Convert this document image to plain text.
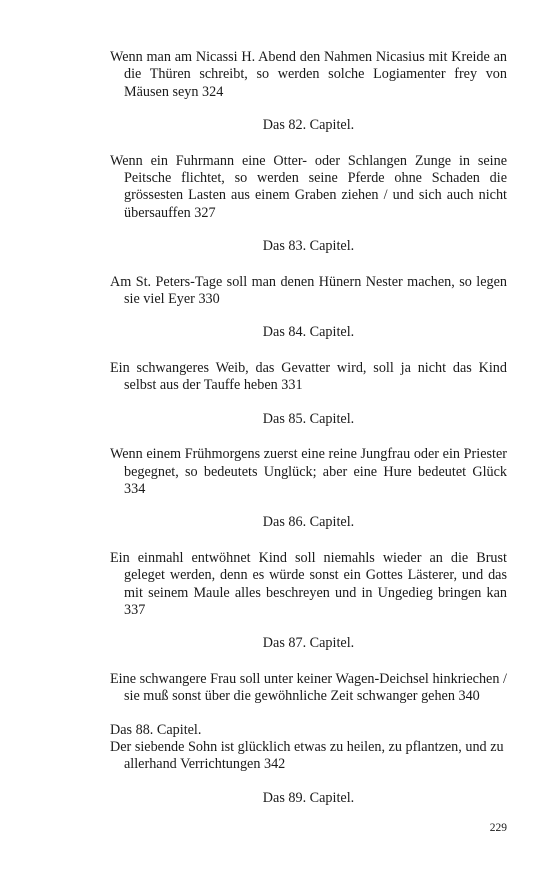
Wenn man am Nicassi H. Abend den Nahmen Nicasius mit Kreide an die Thüren schreibt, so werden solche Logiamenter frey von Mäusen seyn 324

Das 82. Capitel.

Wenn ein Fuhrmann eine Otter- oder Schlangen Zunge in seine Peitsche flichtet, so werden seine Pferde ohne Schaden die grössesten Lasten aus einem Graben ziehen / und sich auch nicht übersauffen 327

Das 83. Capitel.

Am St. Peters-Tage soll man denen Hünern Nester machen, so legen sie viel Eyer 330

Das 84. Capitel.

Ein schwangeres Weib, das Gevatter wird, soll ja nicht das Kind selbst aus der Tauffe heben 331

Das 85. Capitel.

Wenn einem Frühmorgens zuerst eine reine Jungfrau oder ein Priester begegnet, so bedeutets Unglück; aber eine Hure bedeutet Glück 334

Das 86. Capitel.

Ein einmahl entwöhnet Kind soll niemahls wieder an die Brust geleget werden, denn es würde sonst ein Gottes Lästerer, und das mit seinem Maule alles beschreyen und in Ungedieg bringen kan 337

Das 87. Capitel.

Eine schwangere Frau soll unter keiner Wagen-Deichsel hinkriechen / sie muß sonst über die gewöhnliche Zeit schwanger gehen 340

Das 88. Capitel.

Der siebende Sohn ist glücklich etwas zu heilen, zu pflantzen, und zu allerhand Verrichtungen 342

Das 89. Capitel.

229
